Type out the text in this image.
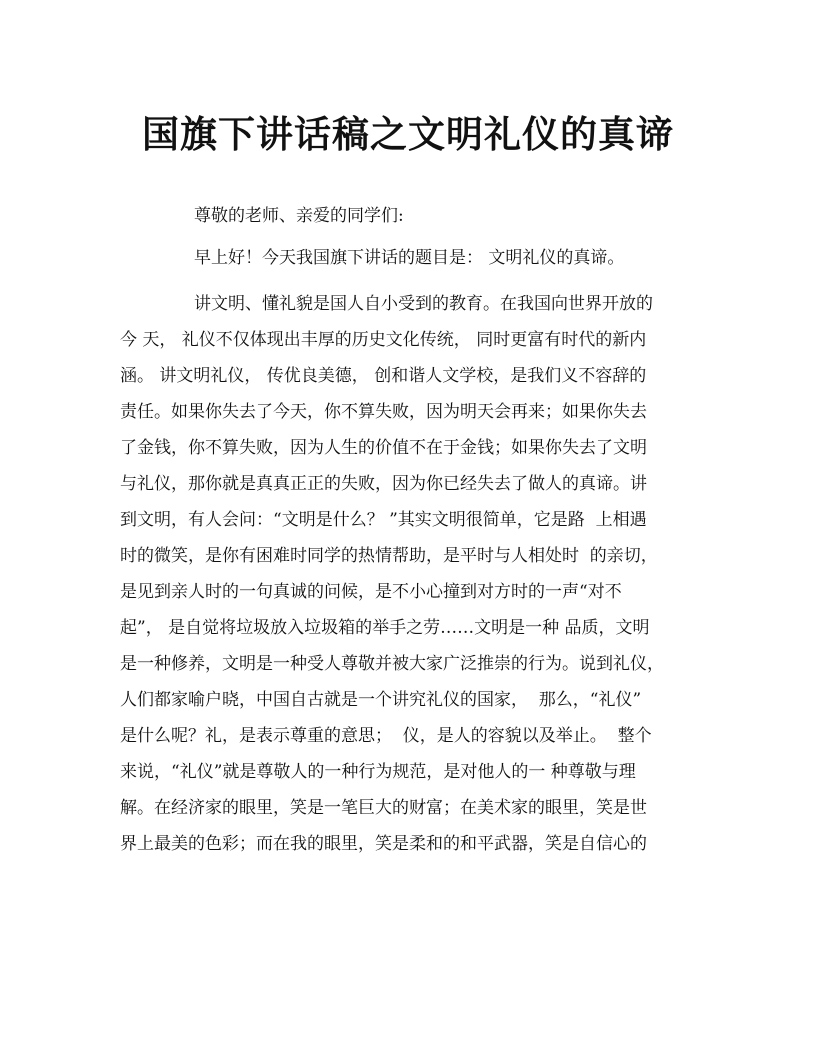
国旗下讲话稿之文明礼仪的真谛
尊敬的老师、亲爱的同学们:
早上好！今天我国旗下讲话的题目是： 文明礼仪的真谛。
讲文明、懂礼貌是国人自小受到的教育。在我国向世界开放的
今 天， 礼仪不仅体现出丰厚的历史文化传统， 同时更富有时代的新内
涵。 讲文明礼仪， 传优良美德， 创和谐人文学校，是我们义不容辞的
责任。如果你失去了今天，你不算失败，因为明天会再来；如果你失去
了金钱，你不算失败，因为人生的价值不在于金钱；如果你失去了文明
与礼仪，那你就是真真正正的失败，因为你已经失去了做人的真谛。讲
到文明，有人会问：“文明是什么？ ”其实文明很简单，它是路  上相遇
时的微笑，是你有困难时同学的热情帮助，是平时与人相处时  的亲切，
是见到亲人时的一句真诚的问候，是不小心撞到对方时的一声“对不
起”， 是自觉将垃圾放入垃圾箱的举手之劳……文明是一种 品质，文明
是一种修养，文明是一种受人尊敬并被大家广泛推崇的行为。说到礼仪，
人们都家喻户晓，中国自古就是一个讲究礼仪的国家，  那么，“礼仪”
是什么呢？礼，是表示尊重的意思；  仪，是人的容貌以及举止。  整个
来说，“礼仪”就是尊敬人的一种行为规范，是对他人的一 种尊敬与理
解。在经济家的眼里，笑是一笔巨大的财富；在美术家的眼里，笑是世
界上最美的色彩；而在我的眼里，笑是柔和的和平武器，笑是自信心的
